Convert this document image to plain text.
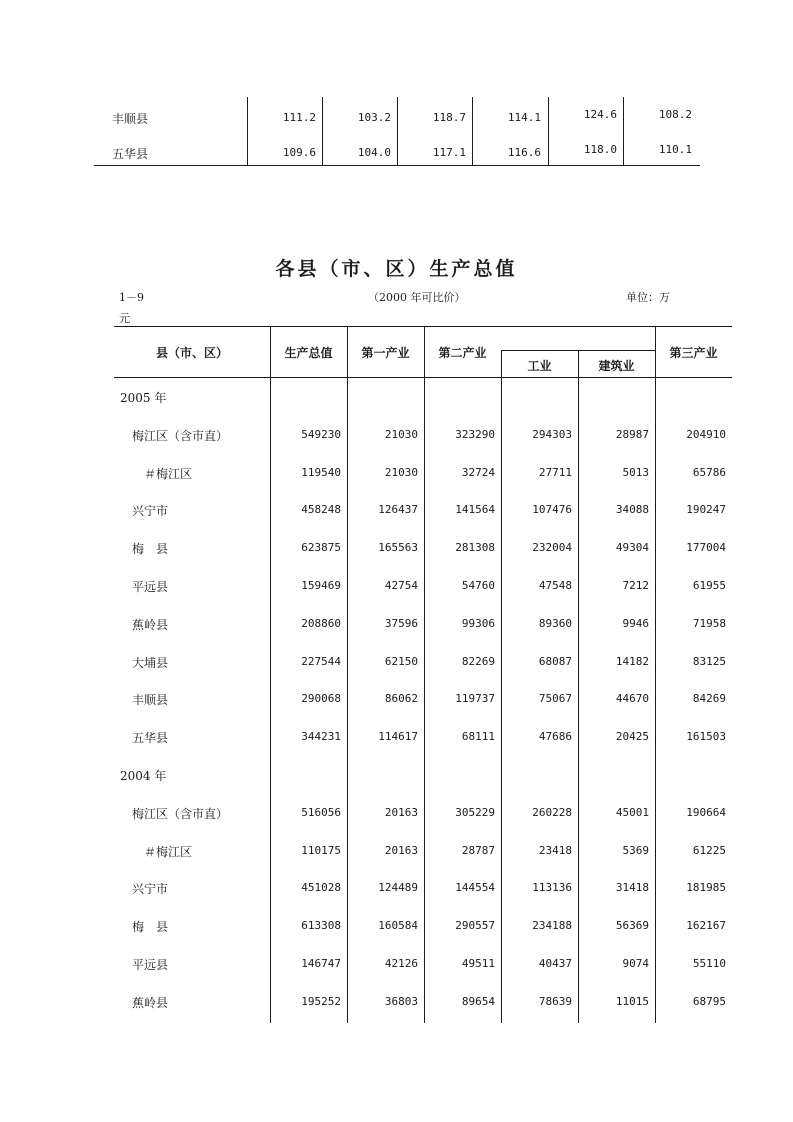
丰顺县	111.2	103.2	118.7	114.1	124.6	108.2
五华县	109.6	104.0	117.1	116.6	118.0	110.1
各县（市、区）生产总值
1－9	（2000 年可比价）	单位：万
元
县（市、区）	生产总值	第一产业	第二产业
工业	建筑业
第三产业
2005 年
梅江区（含市直）	549230	21030	323290	294303	28987	204910
＃梅江区	119540	21030	32724	27711	5013	65786
兴宁市	458248	126437	141564	107476	34088	190247
梅　县	623875	165563	281308	232004	49304	177004
平远县	159469	42754	54760	47548	7212	61955
蕉岭县	208860	37596	99306	89360	9946	71958
大埔县	227544	62150	82269	68087	14182	83125
丰顺县	290068	86062	119737	75067	44670	84269
五华县	344231	114617	68111	47686	20425	161503
2004 年
梅江区（含市直）	516056	20163	305229	260228	45001	190664
＃梅江区	110175	20163	28787	23418	5369	61225
兴宁市	451028	124489	144554	113136	31418	181985
梅　县	613308	160584	290557	234188	56369	162167
平远县	146747	42126	49511	40437	9074	55110
蕉岭县	195252	36803	89654	78639	11015	68795
